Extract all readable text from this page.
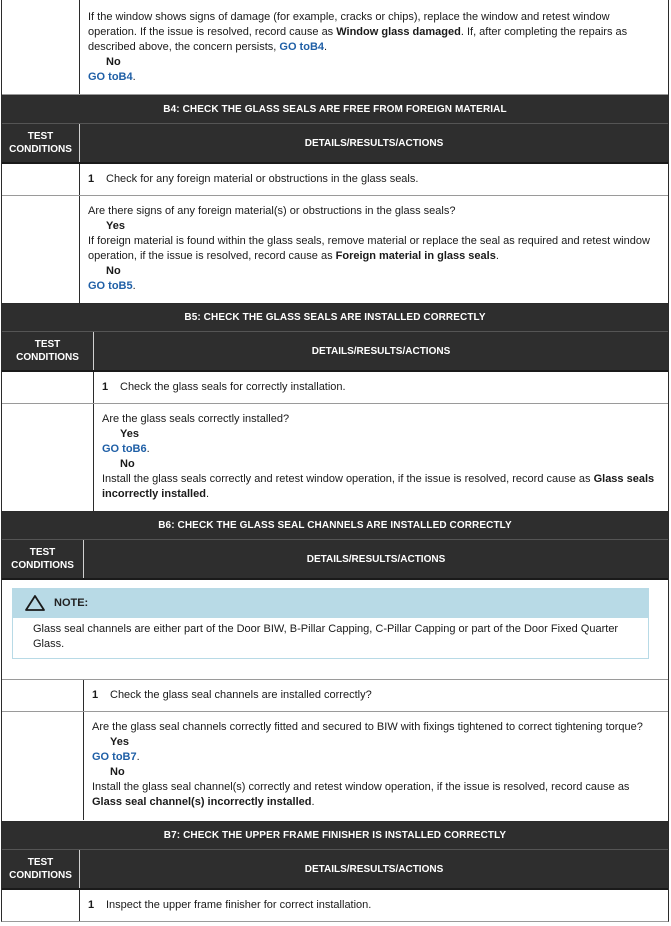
If the window shows signs of damage (for example, cracks or chips), replace the window and retest window operation. If the issue is resolved, record cause as Window glass damaged. If, after completing the repairs as described above, the concern persists, GO toB4.
No
GO toB4.
B4: CHECK THE GLASS SEALS ARE FREE FROM FOREIGN MATERIAL
TEST CONDITIONS
DETAILS/RESULTS/ACTIONS
1	Check for any foreign material or obstructions in the glass seals.
Are there signs of any foreign material(s) or obstructions in the glass seals?
Yes
If foreign material is found within the glass seals, remove material or replace the seal as required and retest window operation, if the issue is resolved, record cause as Foreign material in glass seals.
No
GO toB5.
B5: CHECK THE GLASS SEALS ARE INSTALLED CORRECTLY
TEST CONDITIONS
DETAILS/RESULTS/ACTIONS
1	Check the glass seals for correctly installation.
Are the glass seals correctly installed?
Yes
GO toB6.
No
Install the glass seals correctly and retest window operation, if the issue is resolved, record cause as Glass seals incorrectly installed.
B6: CHECK THE GLASS SEAL CHANNELS ARE INSTALLED CORRECTLY
TEST CONDITIONS
DETAILS/RESULTS/ACTIONS
NOTE:
Glass seal channels are either part of the Door BIW, B-Pillar Capping, C-Pillar Capping or part of the Door Fixed Quarter Glass.
1	Check the glass seal channels are installed correctly?
Are the glass seal channels correctly fitted and secured to BIW with fixings tightened to correct tightening torque?
Yes
GO toB7.
No
Install the glass seal channel(s) correctly and retest window operation, if the issue is resolved, record cause as Glass seal channel(s) incorrectly installed.
B7: CHECK THE UPPER FRAME FINISHER IS INSTALLED CORRECTLY
TEST CONDITIONS
DETAILS/RESULTS/ACTIONS
1	Inspect the upper frame finisher for correct installation.
